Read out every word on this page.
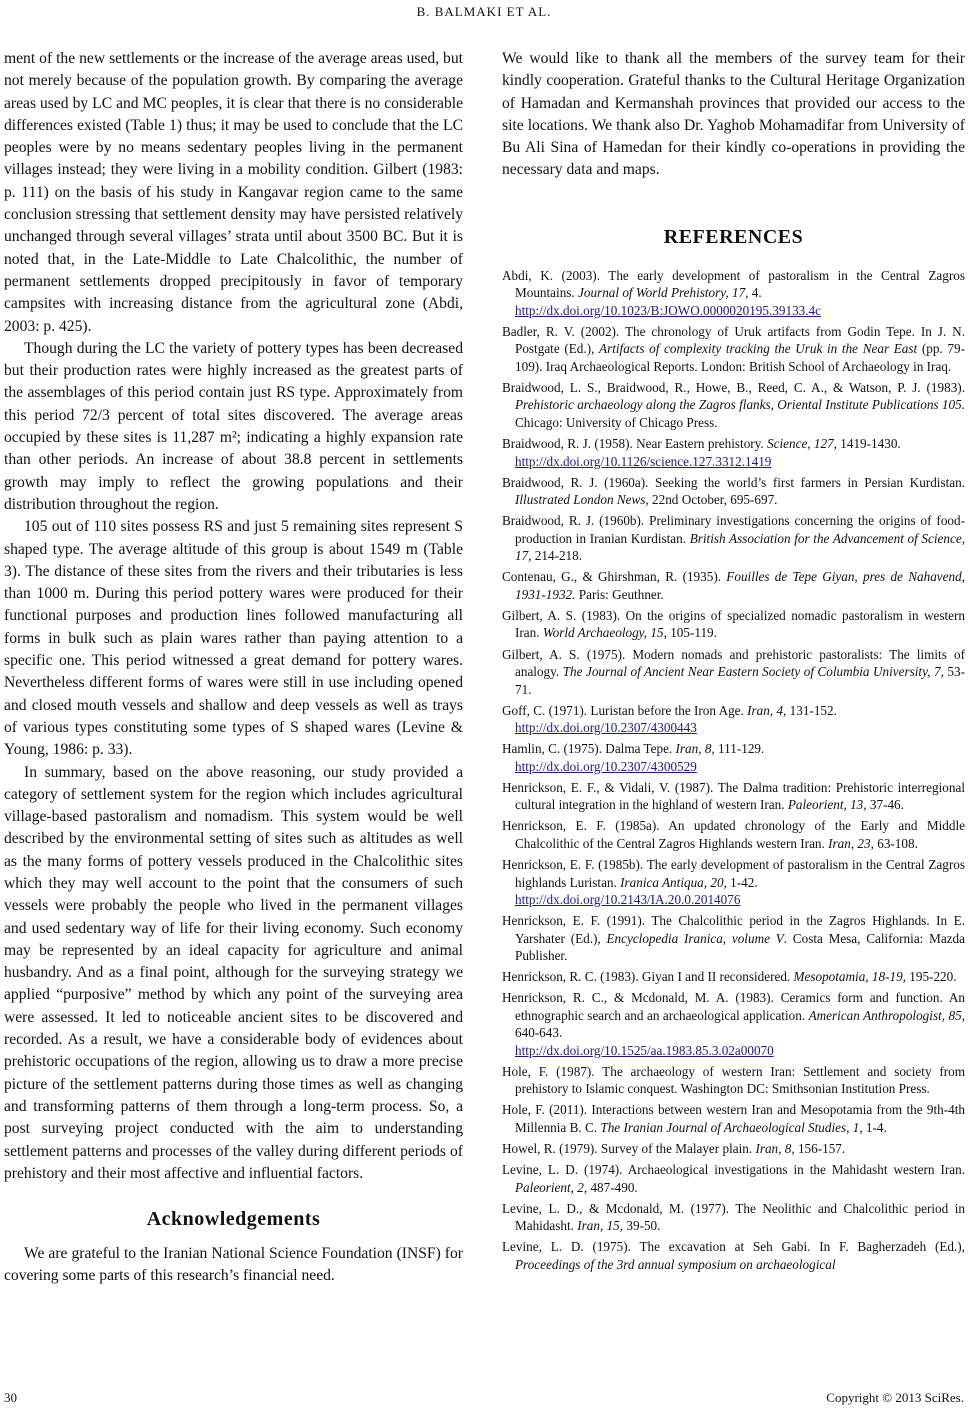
B. BALMAKI ET AL.

ment of the new settlements or the increase of the average areas used, but not merely because of the population growth. By comparing the average areas used by LC and MC peoples, it is clear that there is no considerable differences existed (Table 1) thus; it may be used to conclude that the LC peoples were by no means sedentary peoples living in the permanent villages instead; they were living in a mobility condition. Gilbert (1983: p. 111) on the basis of his study in Kangavar region came to the same conclusion stressing that settlement density may have persisted relatively unchanged through several villages’ strata until about 3500 BC. But it is noted that, in the Late-Middle to Late Chalcolithic, the number of permanent settlements dropped precipitously in favor of temporary campsites with increasing distance from the agricultural zone (Abdi, 2003: p. 425).

Though during the LC the variety of pottery types has been decreased but their production rates were highly increased as the greatest parts of the assemblages of this period contain just RS type. Approximately from this period 72/3 percent of total sites discovered. The average areas occupied by these sites is 11,287 m²; indicating a highly expansion rate than other periods. An increase of about 38.8 percent in settlements growth may imply to reflect the growing populations and their distribution throughout the region.

105 out of 110 sites possess RS and just 5 remaining sites represent S shaped type. The average altitude of this group is about 1549 m (Table 3). The distance of these sites from the rivers and their tributaries is less than 1000 m. During this period pottery wares were produced for their functional purposes and production lines followed manufacturing all forms in bulk such as plain wares rather than paying attention to a specific one. This period witnessed a great demand for pottery wares. Nevertheless different forms of wares were still in use including opened and closed mouth vessels and shallow and deep vessels as well as trays of various types constituting some types of S shaped wares (Levine & Young, 1986: p. 33).

In summary, based on the above reasoning, our study provided a category of settlement system for the region which includes agricultural village-based pastoralism and nomadism. This system would be well described by the environmental setting of sites such as altitudes as well as the many forms of pottery vessels produced in the Chalcolithic sites which they may well account to the point that the consumers of such vessels were probably the people who lived in the permanent villages and used sedentary way of life for their living economy. Such economy may be represented by an ideal capacity for agriculture and animal husbandry. And as a final point, although for the surveying strategy we applied “purposive” method by which any point of the surveying area were assessed. It led to noticeable ancient sites to be discovered and recorded. As a result, we have a considerable body of evidences about prehistoric occupations of the region, allowing us to draw a more precise picture of the settlement patterns during those times as well as changing and transforming patterns of them through a long-term process. So, a post surveying project conducted with the aim to understanding settlement patterns and processes of the valley during different periods of prehistory and their most affective and influential factors.

Acknowledgements

We are grateful to the Iranian National Science Foundation (INSF) for covering some parts of this research’s financial need.

We would like to thank all the members of the survey team for their kindly cooperation. Grateful thanks to the Cultural Heritage Organization of Hamadan and Kermanshah provinces that provided our access to the site locations. We thank also Dr. Yaghob Mohamadifar from University of Bu Ali Sina of Hamedan for their kindly co-operations in providing the necessary data and maps.

REFERENCES

Abdi, K. (2003). The early development of pastoralism in the Central Zagros Mountains. Journal of World Prehistory, 17, 4.
http://dx.doi.org/10.1023/B:JOWO.0000020195.39133.4c

Badler, R. V. (2002). The chronology of Uruk artifacts from Godin Tepe. In J. N. Postgate (Ed.), Artifacts of complexity tracking the Uruk in the Near East (pp. 79-109). Iraq Archaeological Reports. London: British School of Archaeology in Iraq.

Braidwood, L. S., Braidwood, R., Howe, B., Reed, C. A., & Watson, P. J. (1983). Prehistoric archaeology along the Zagros flanks, Oriental Institute Publications 105. Chicago: University of Chicago Press.

Braidwood, R. J. (1958). Near Eastern prehistory. Science, 127, 1419-1430.
http://dx.doi.org/10.1126/science.127.3312.1419

Braidwood, R. J. (1960a). Seeking the world’s first farmers in Persian Kurdistan. Illustrated London News, 22nd October, 695-697.

Braidwood, R. J. (1960b). Preliminary investigations concerning the origins of food-production in Iranian Kurdistan. British Association for the Advancement of Science, 17, 214-218.

Contenau, G., & Ghirshman, R. (1935). Fouilles de Tepe Giyan, pres de Nahavend, 1931-1932. Paris: Geuthner.

Gilbert, A. S. (1983). On the origins of specialized nomadic pastoralism in western Iran. World Archaeology, 15, 105-119.

Gilbert, A. S. (1975). Modern nomads and prehistoric pastoralists: The limits of analogy. The Journal of Ancient Near Eastern Society of Columbia University, 7, 53-71.

Goff, C. (1971). Luristan before the Iron Age. Iran, 4, 131-152.
http://dx.doi.org/10.2307/4300443

Hamlin, C. (1975). Dalma Tepe. Iran, 8, 111-129.
http://dx.doi.org/10.2307/4300529

Henrickson, E. F., & Vidali, V. (1987). The Dalma tradition: Prehistoric interregional cultural integration in the highland of western Iran. Paleorient, 13, 37-46.

Henrickson, E. F. (1985a). An updated chronology of the Early and Middle Chalcolithic of the Central Zagros Highlands western Iran. Iran, 23, 63-108.

Henrickson, E. F. (1985b). The early development of pastoralism in the Central Zagros highlands Luristan. Iranica Antiqua, 20, 1-42.
http://dx.doi.org/10.2143/IA.20.0.2014076

Henrickson, E. F. (1991). The Chalcolithic period in the Zagros Highlands. In E. Yarshater (Ed.), Encyclopedia Iranica, volume V. Costa Mesa, California: Mazda Publisher.

Henrickson, R. C. (1983). Giyan I and II reconsidered. Mesopotamia, 18-19, 195-220.

Henrickson, R. C., & Mcdonald, M. A. (1983). Ceramics form and function. An ethnographic search and an archaeological application. American Anthropologist, 85, 640-643.
http://dx.doi.org/10.1525/aa.1983.85.3.02a00070

Hole, F. (1987). The archaeology of western Iran: Settlement and society from prehistory to Islamic conquest. Washington DC: Smithsonian Institution Press.

Hole, F. (2011). Interactions between western Iran and Mesopotamia from the 9th-4th Millennia B. C. The Iranian Journal of Archaeological Studies, 1, 1-4.

Howel, R. (1979). Survey of the Malayer plain. Iran, 8, 156-157.

Levine, L. D. (1974). Archaeological investigations in the Mahidasht western Iran. Paleorient, 2, 487-490.

Levine, L. D., & Mcdonald, M. (1977). The Neolithic and Chalcolithic period in Mahidasht. Iran, 15, 39-50.

Levine, L. D. (1975). The excavation at Seh Gabi. In F. Bagherzadeh (Ed.), Proceedings of the 3rd annual symposium on archaeological

30	Copyright © 2013 SciRes.
